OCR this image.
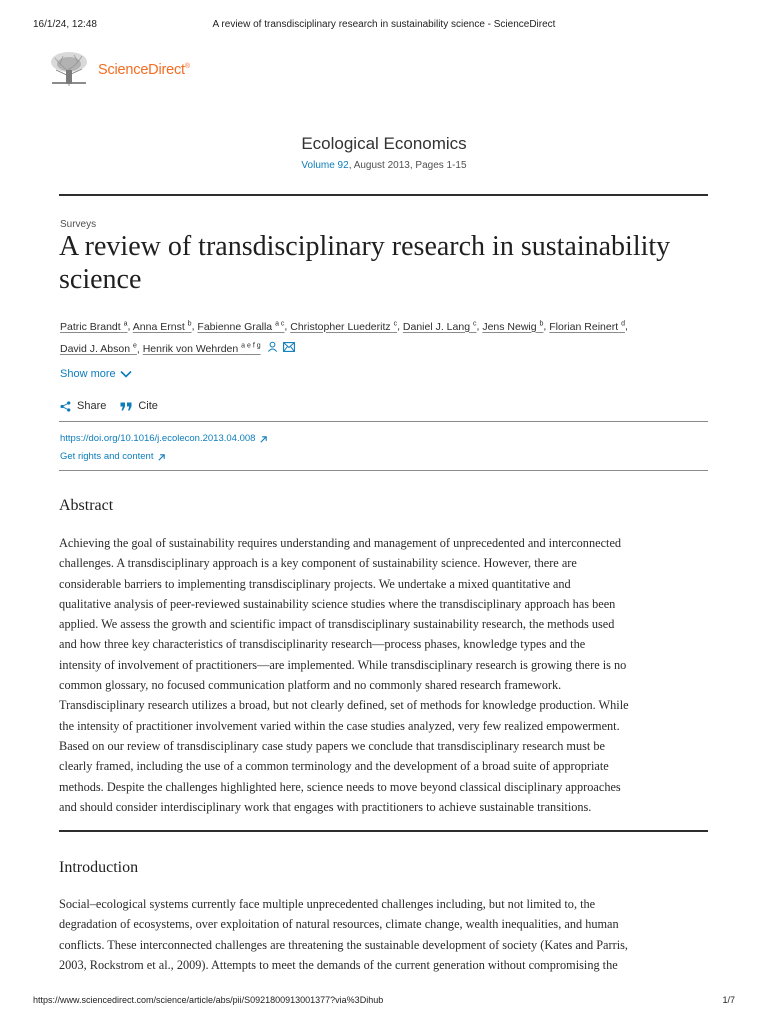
16/1/24, 12:48	A review of transdisciplinary research in sustainability science - ScienceDirect
ScienceDirect®
Ecological Economics
Volume 92, August 2013, Pages 1-15
Surveys
A review of transdisciplinary research in sustainability science
Patric Brandt $^a$, Anna Ernst $^b$, Fabienne Gralla $^{a c}$, Christopher Luederitz $^c$, Daniel J. Lang $^c$, Jens Newig $^b$, Florian Reinert $^d$,
David J. Abson $^e$, Henrik von Wehrden $^{a e f g}$
Show more
Share	Cite
https://doi.org/10.1016/j.ecolecon.2013.04.008
Get rights and content
Abstract
Achieving the goal of sustainability requires understanding and management of unprecedented and interconnected
challenges. A transdisciplinary approach is a key component of sustainability science. However, there are
considerable barriers to implementing transdisciplinary projects. We undertake a mixed quantitative and
qualitative analysis of peer-reviewed sustainability science studies where the transdisciplinary approach has been
applied. We assess the growth and scientific impact of transdisciplinary sustainability research, the methods used
and how three key characteristics of transdisciplinarity research—process phases, knowledge types and the
intensity of involvement of practitioners—are implemented. While transdisciplinary research is growing there is no
common glossary, no focused communication platform and no commonly shared research framework.
Transdisciplinary research utilizes a broad, but not clearly defined, set of methods for knowledge production. While
the intensity of practitioner involvement varied within the case studies analyzed, very few realized empowerment.
Based on our review of transdisciplinary case study papers we conclude that transdisciplinary research must be
clearly framed, including the use of a common terminology and the development of a broad suite of appropriate
methods. Despite the challenges highlighted here, science needs to move beyond classical disciplinary approaches
and should consider interdisciplinary work that engages with practitioners to achieve sustainable transitions.
Introduction
Social–ecological systems currently face multiple unprecedented challenges including, but not limited to, the
degradation of ecosystems, over exploitation of natural resources, climate change, wealth inequalities, and human
conflicts. These interconnected challenges are threatening the sustainable development of society (Kates and Parris,
2003, Rockstrom et al., 2009). Attempts to meet the demands of the current generation without compromising the
https://www.sciencedirect.com/science/article/abs/pii/S0921800913001377?via%3Dihub	1/7
